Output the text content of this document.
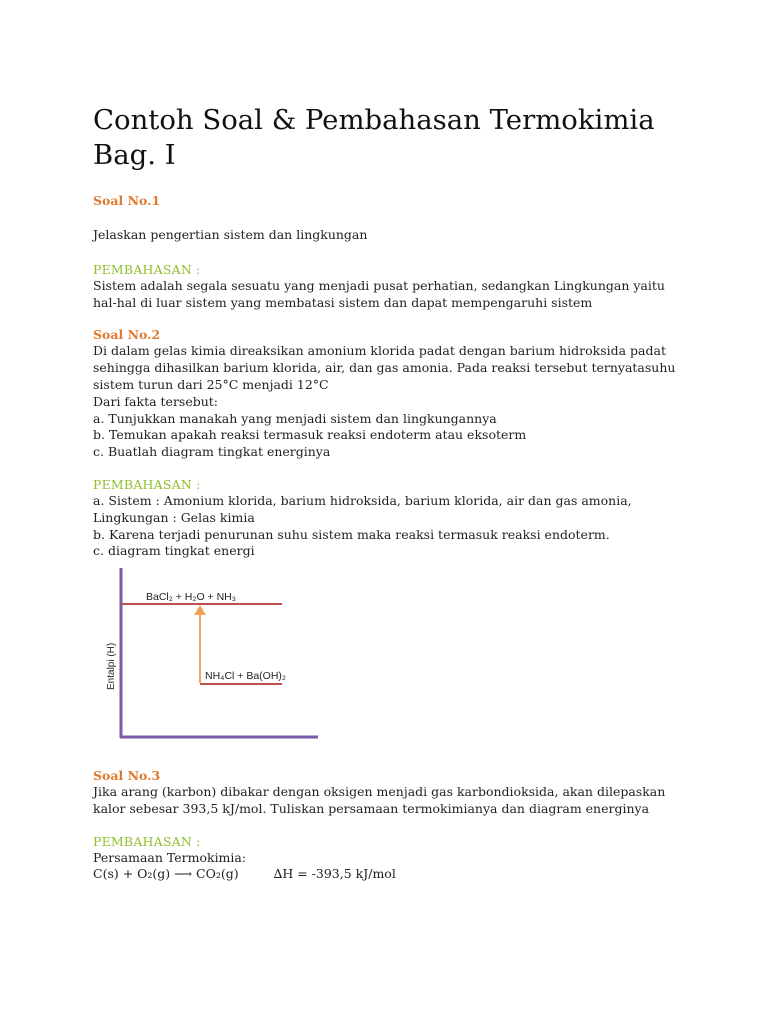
Contoh Soal & Pembahasan Termokimia Bag. I

Soal No.1

Jelaskan pengertian sistem dan lingkungan

PEMBAHASAN :

Sistem adalah segala sesuatu yang menjadi pusat perhatian, sedangkan Lingkungan yaitu hal-hal di luar sistem yang membatasi sistem dan dapat mempengaruhi sistem

Soal No.2

Di dalam gelas kimia direaksikan amonium klorida padat dengan barium hidroksida padat

sehingga dihasilkan barium klorida, air, dan gas amonia. Pada reaksi tersebut ternyatasuhu

sistem turun dari 25°C menjadi 12°C

Dari fakta tersebut:

a. Tunjukkan manakah yang menjadi sistem dan lingkungannya

b. Temukan apakah reaksi termasuk reaksi endoterm atau eksoterm

c. Buatlah diagram tingkat energinya

PEMBAHASAN :

a. Sistem : Amonium klorida, barium hidroksida, barium klorida, air dan gas amonia,

Lingkungan : Gelas kimia

b. Karena terjadi penurunan suhu sistem maka reaksi termasuk reaksi endoterm.

c. diagram tingkat energi

Entalpi (H)
BaCl₂ + H₂O + NH₃
NH₄Cl + Ba(OH)₂

Soal No.3

Jika arang (karbon) dibakar dengan oksigen menjadi gas karbondioksida, akan dilepaskan

kalor sebesar 393,5 kJ/mol. Tuliskan persamaan termokimianya dan diagram energinya

PEMBAHASAN :

Persamaan Termokimia:

C(s) + O₂(g) ⟶ CO₂(g)	∆H = -393,5 kJ/mol
